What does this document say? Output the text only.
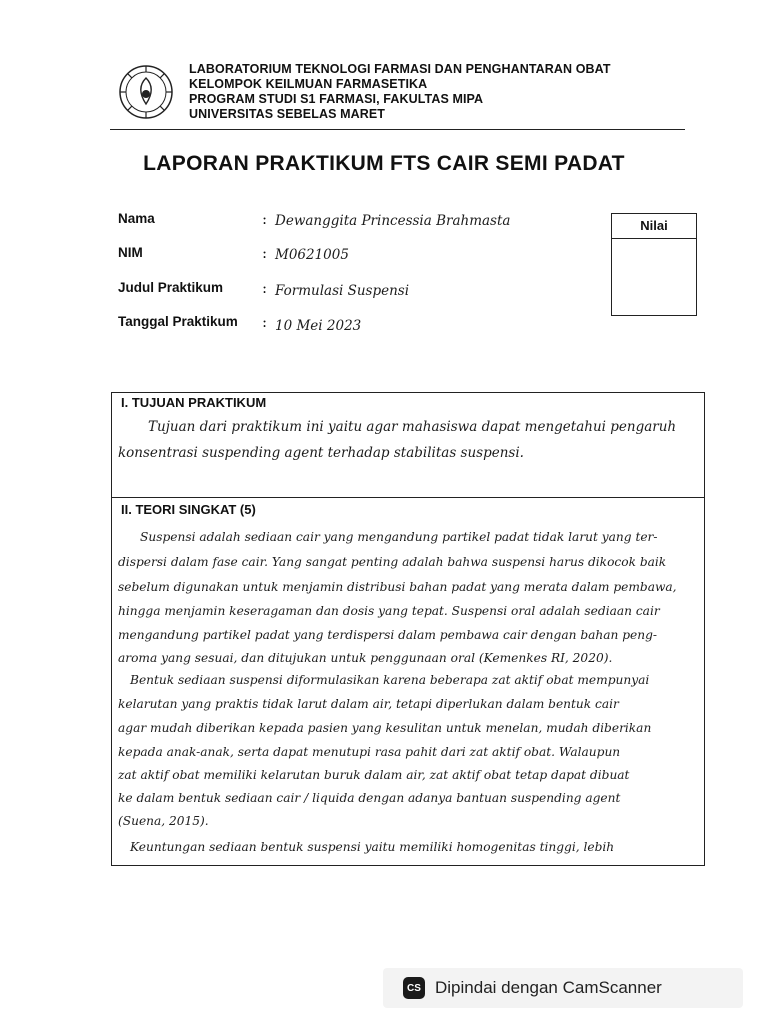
LABORATORIUM TEKNOLOGI FARMASI DAN PENGHANTARAN OBAT
KELOMPOK KEILMUAN FARMASETIKA
PROGRAM STUDI S1 FARMASI, FAKULTAS MIPA
UNIVERSITAS SEBELAS MARET
LAPORAN PRAKTIKUM FTS CAIR SEMI PADAT
Nama	: Dewanggita Princessia Brahmasta
NIM	: M0621005
Judul Praktikum	: Formulasi Suspensi
Tanggal Praktikum : 10 Mei 2023
Nilai
I. TUJUAN PRAKTIKUM
Tujuan dari praktikum ini yaitu agar mahasiswa dapat mengetahui pengaruh
konsentrasi suspending agent terhadap stabilitas suspensi.
II. TEORI SINGKAT (5)
Suspensi adalah sediaan cair yang mengandung partikel padat tidak larut yang ter-
dispersi dalam fase cair. Yang sangat penting adalah bahwa suspensi harus dikocok baik
sebelum digunakan untuk menjamin distribusi bahan padat yang merata dalam pembawa,
hingga menjamin keseragaman dan dosis yang tepat. Suspensi oral adalah sediaan cair
mengandung partikel padat yang terdispersi dalam pembawa cair dengan bahan peng-
aroma yang sesuai, dan ditujukan untuk penggunaan oral (Kemenkes RI, 2020).
Bentuk sediaan suspensi diformulasikan karena beberapa zat aktif obat mempunyai
kelarutan yang praktis tidak larut dalam air, tetapi diperlukan dalam bentuk cair
agar mudah diberikan kepada pasien yang kesulitan untuk menelan, mudah diberikan
kepada anak-anak, serta dapat menutupi rasa pahit dari zat aktif obat. Walaupun
zat aktif obat memiliki kelarutan buruk dalam air, zat aktif obat tetap dapat dibuat
ke dalam bentuk sediaan cair / liquida dengan adanya bantuan suspending agent
(Suena, 2015).
Keuntungan sediaan bentuk suspensi yaitu memiliki homogenitas tinggi, lebih
CS Dipindai dengan CamScanner
